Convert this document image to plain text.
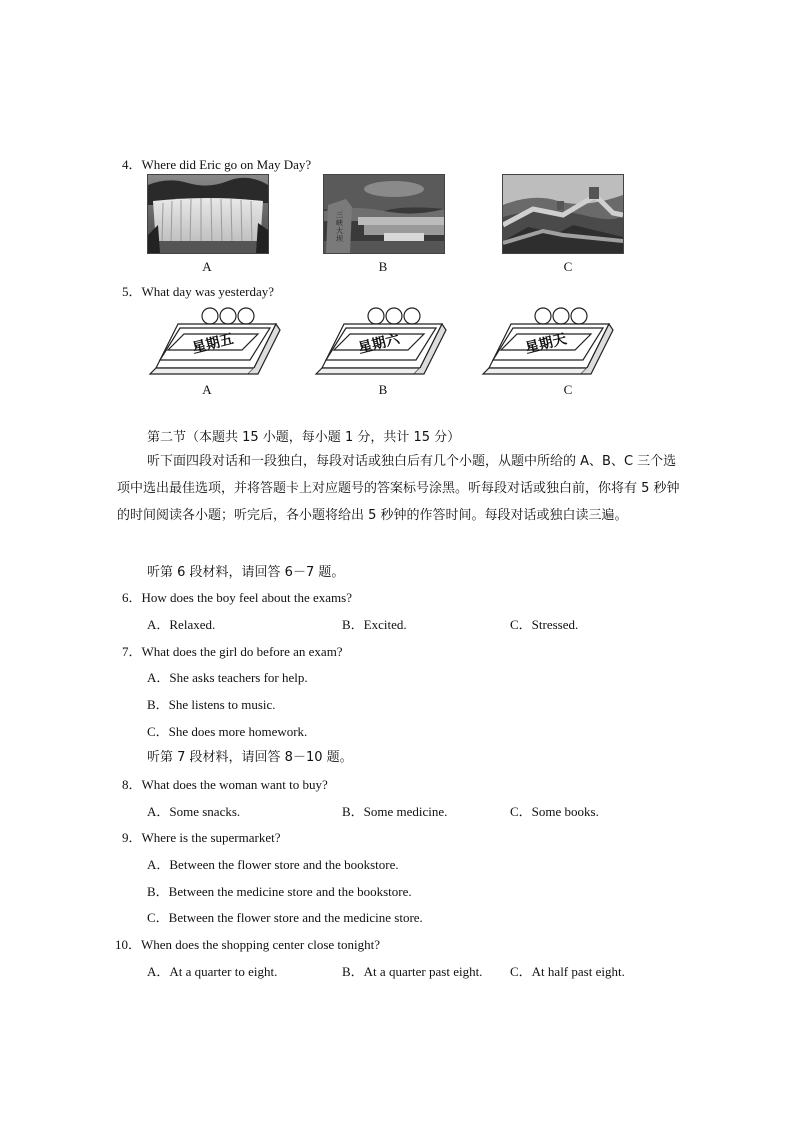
4．Where did Eric go on May Day?
三峡大坝
A	B	C
5．What day was yesterday?
星期五	星期六	星期天
A	B	C
第二节（本题共 15 小题，每小题 1 分，共计 15 分）
听下面四段对话和一段独白，每段对话或独白后有几个小题，从题中所给的 A、B、C 三个选项中选出最佳选项，并将答题卡上对应题号的答案标号涂黑。听每段对话或独白前，你将有 5 秒钟的时间阅读各小题；听完后，各小题将给出 5 秒钟的作答时间。每段对话或独白读三遍。
听第 6 段材料，请回答 6－7 题。
6．How does the boy feel about the exams?
A．Relaxed.	B．Excited.	C．Stressed.
7．What does the girl do before an exam?
A．She asks teachers for help.
B．She listens to music.
C．She does more homework.
听第 7 段材料，请回答 8－10 题。
8．What does the woman want to buy?
A．Some snacks.	B．Some medicine.	C．Some books.
9．Where is the supermarket?
A．Between the flower store and the bookstore.
B．Between the medicine store and the bookstore.
C．Between the flower store and the medicine store.
10．When does the shopping center close tonight?
A．At a quarter to eight.	B．At a quarter past eight. C．At half past eight.
